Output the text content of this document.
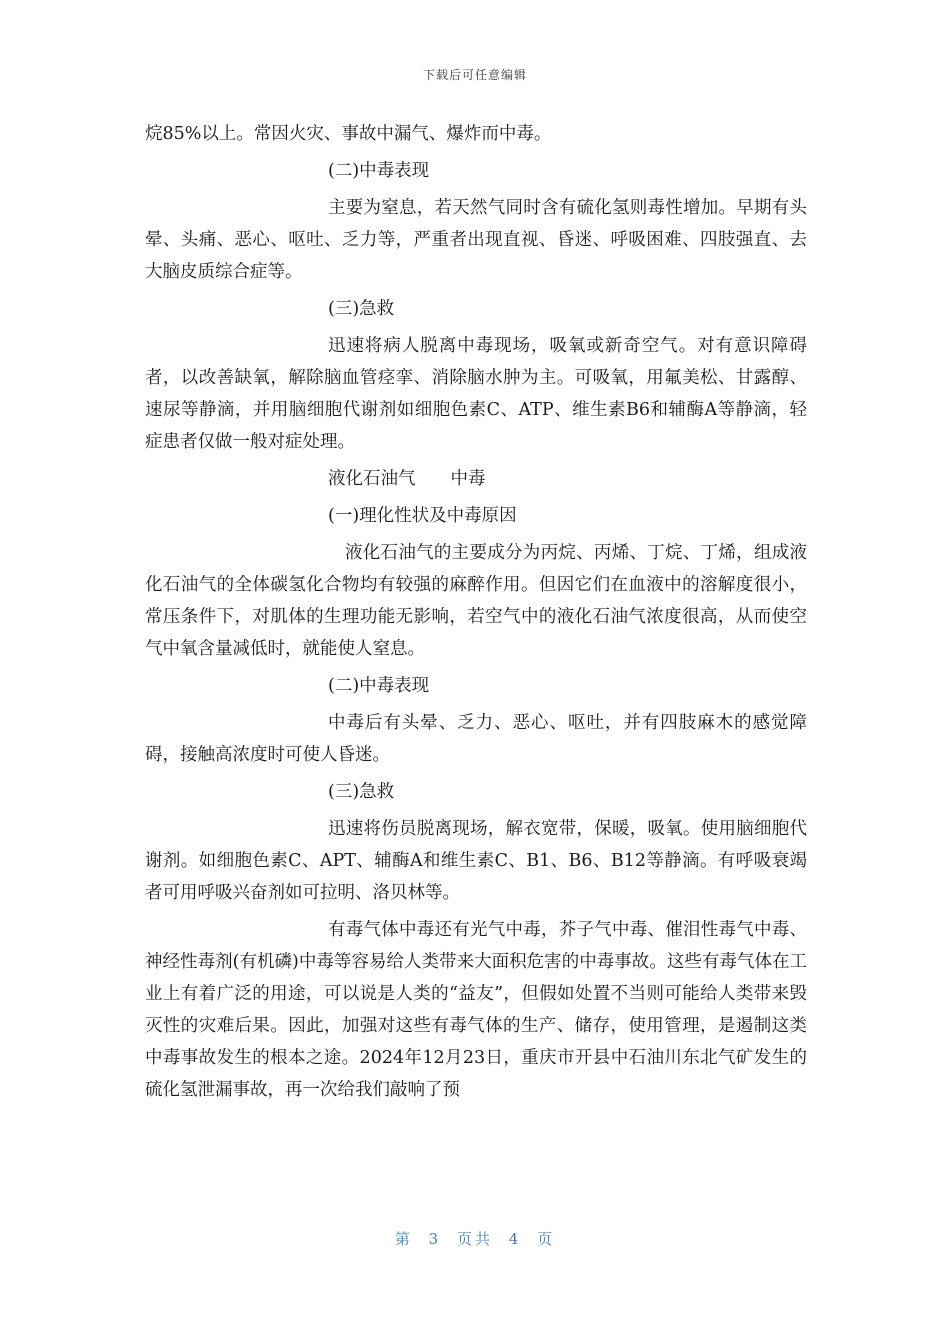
下载后可任意编辑

烷85%以上。常因火灾、事故中漏气、爆炸而中毒。

(二)中毒表现

主要为窒息，若天然气同时含有硫化氢则毒性增加。早期有头晕、头痛、恶心、呕吐、乏力等，严重者出现直视、昏迷、呼吸困难、四肢强直、去大脑皮质综合症等。

(三)急救

迅速将病人脱离中毒现场，吸氧或新奇空气。对有意识障碍者，以改善缺氧，解除脑血管痉挛、消除脑水肿为主。可吸氧，用氟美松、甘露醇、速尿等静滴，并用脑细胞代谢剂如细胞色素C、ATP、维生素B6和辅酶A等静滴，轻症患者仅做一般对症处理。

液化石油气　　中毒

(一)理化性状及中毒原因

液化石油气的主要成分为丙烷、丙烯、丁烷、丁烯，组成液化石油气的全体碳氢化合物均有较强的麻醉作用。但因它们在血液中的溶解度很小，常压条件下，对肌体的生理功能无影响，若空气中的液化石油气浓度很高，从而使空气中氧含量减低时，就能使人窒息。

(二)中毒表现

中毒后有头晕、乏力、恶心、呕吐，并有四肢麻木的感觉障碍，接触高浓度时可使人昏迷。

(三)急救

迅速将伤员脱离现场，解衣宽带，保暖，吸氧。使用脑细胞代谢剂。如细胞色素C、APT、辅酶A和维生素C、B1、B6、B12等静滴。有呼吸衰竭者可用呼吸兴奋剂如可拉明、洛贝林等。

有毒气体中毒还有光气中毒，芥子气中毒、催泪性毒气中毒、神经性毒剂(有机磷)中毒等容易给人类带来大面积危害的中毒事故。这些有毒气体在工业上有着广泛的用途，可以说是人类的“益友”，但假如处置不当则可能给人类带来毁灭性的灾难后果。因此，加强对这些有毒气体的生产、储存，使用管理，是遏制这类中毒事故发生的根本之途。2024年12月23日，重庆市开县中石油川东北气矿发生的硫化氢泄漏事故，再一次给我们敲响了预

第 3 页共 4 页
